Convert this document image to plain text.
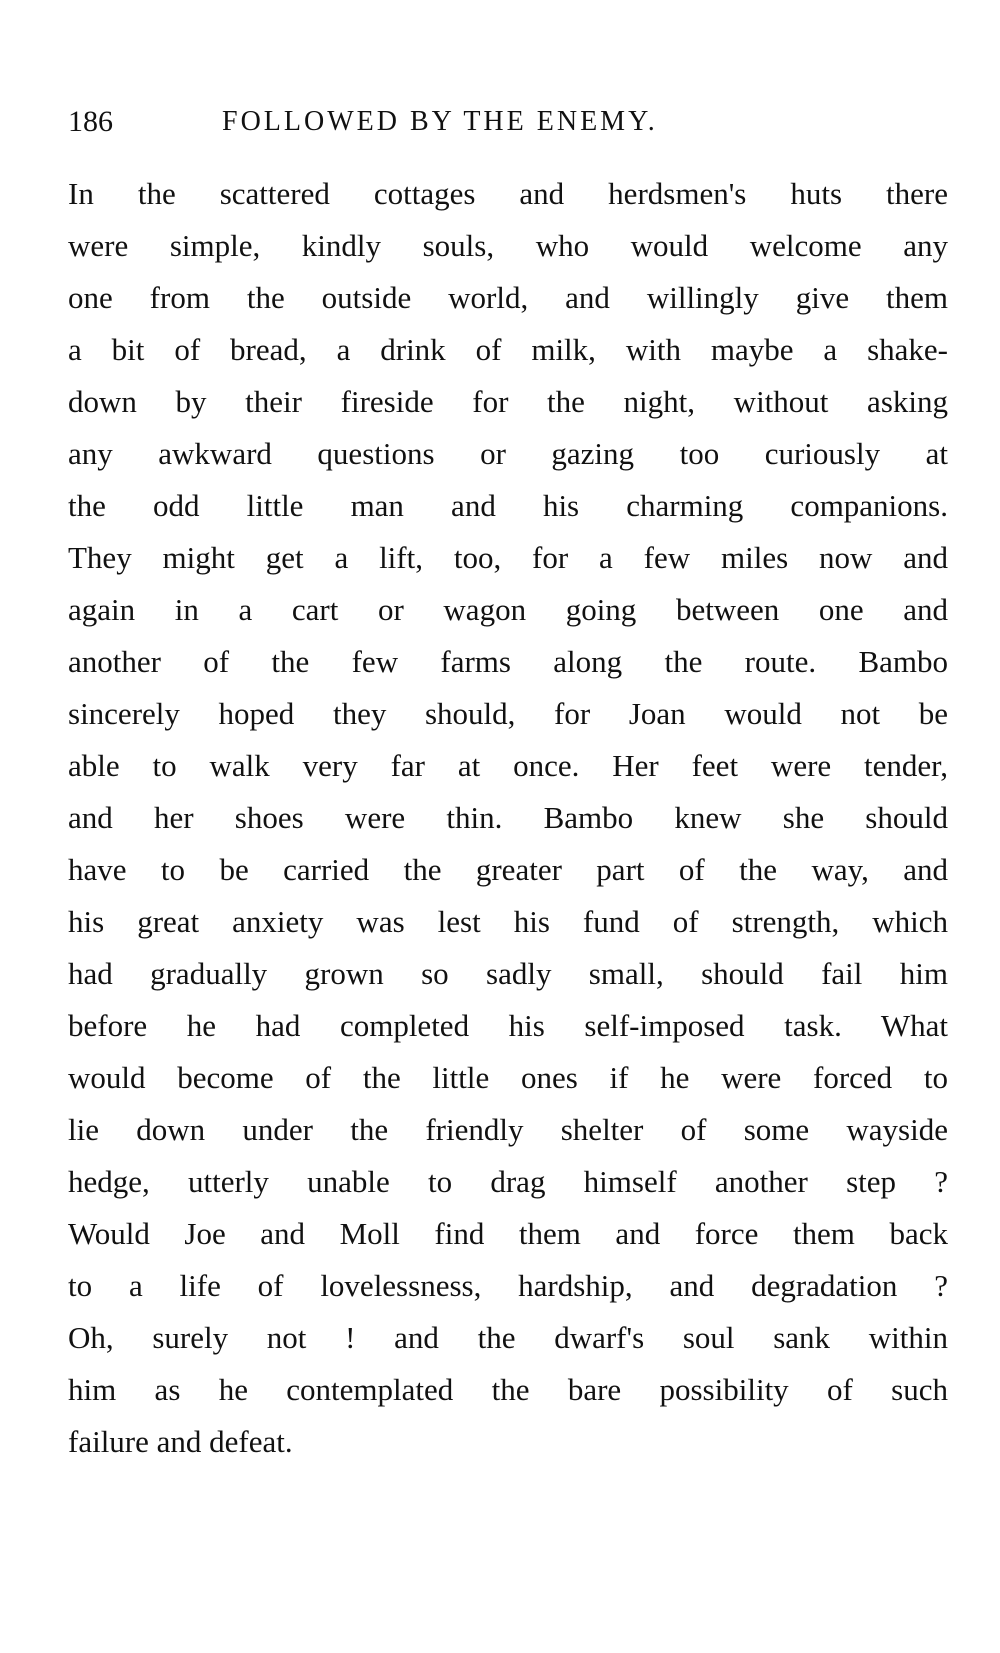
186	FOLLOWED BY THE ENEMY.
In the scattered cottages and herdsmen's huts there
were simple, kindly souls, who would welcome any
one from the outside world, and willingly give them
a bit of bread, a drink of milk, with maybe a shake-
down by their fireside for the night, without asking
any awkward questions or gazing too curiously at
the odd little man and his charming companions.
They might get a lift, too, for a few miles now and
again in a cart or wagon going between one and
another of the few farms along the route. Bambo
sincerely hoped they should, for Joan would not be
able to walk very far at once. Her feet were tender,
and her shoes were thin. Bambo knew she should
have to be carried the greater part of the way, and
his great anxiety was lest his fund of strength, which
had gradually grown so sadly small, should fail him
before he had completed his self-imposed task. What
would become of the little ones if he were forced to
lie down under the friendly shelter of some wayside
hedge, utterly unable to drag himself another step ?
Would Joe and Moll find them and force them back
to a life of lovelessness, hardship, and degradation ?
Oh, surely not ! and the dwarf's soul sank within
him as he contemplated the bare possibility of such
failure and defeat.
